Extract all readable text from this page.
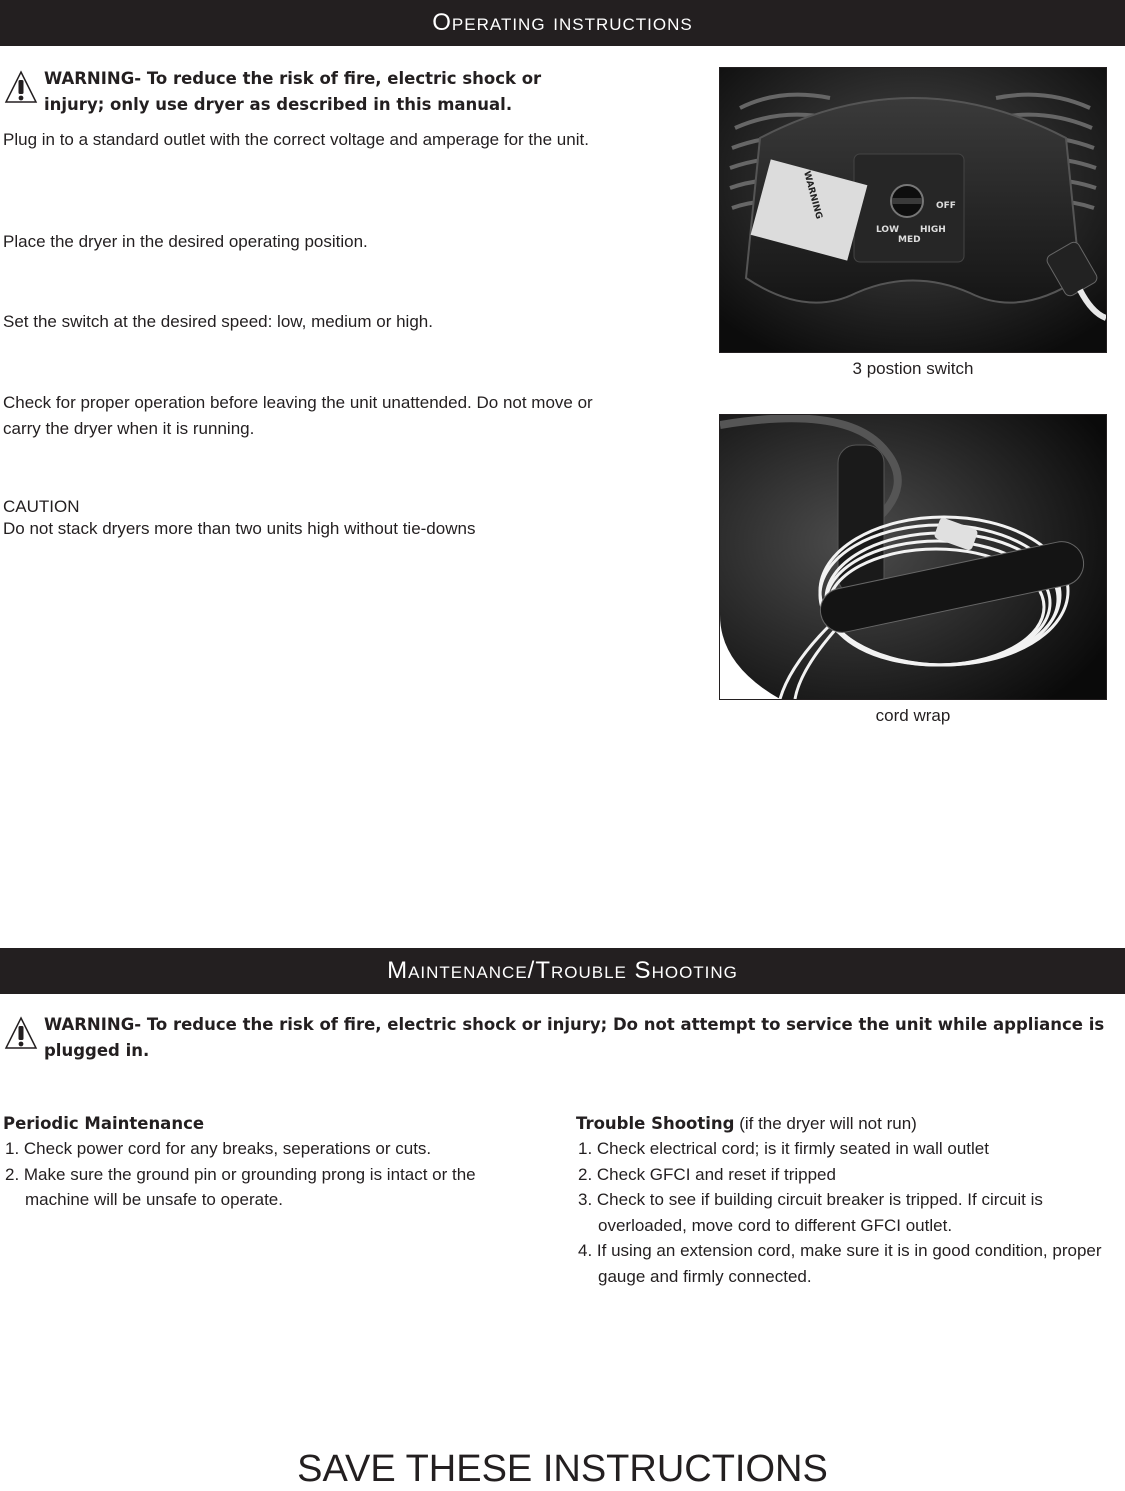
Operating instructions
WARNING- To reduce the risk of fire, electric shock or injury; only use dryer as described in this manual.
Plug in to a standard outlet with the correct voltage and amperage for the unit.
Place the dryer in the desired operating position.
Set the switch at the desired speed: low, medium or high.
Check for proper operation before leaving the unit unattended. Do not move or carry the dryer when it is running.
CAUTION
Do not stack dryers more than two units high without tie-downs
WARNING	OFF
LOW HIGH
MED
3 postion switch
cord wrap
Maintenance/Trouble Shooting
WARNING- To reduce the risk of fire, electric shock or injury; Do not attempt to service the unit while appliance is plugged in.
Periodic Maintenance
1. Check power cord for any breaks, seperations or cuts.
2. Make sure the ground pin or grounding prong is intact or the machine will be unsafe to operate.
Trouble Shooting (if the dryer will not run)
1. Check electrical cord; is it firmly seated in wall outlet
2. Check GFCI and reset if tripped
3. Check to see if building circuit breaker is tripped. If circuit is overloaded, move cord to different GFCI outlet.
4. If using an extension cord, make sure it is in good condition, proper gauge and firmly connected.
SAVE THESE INSTRUCTIONS
